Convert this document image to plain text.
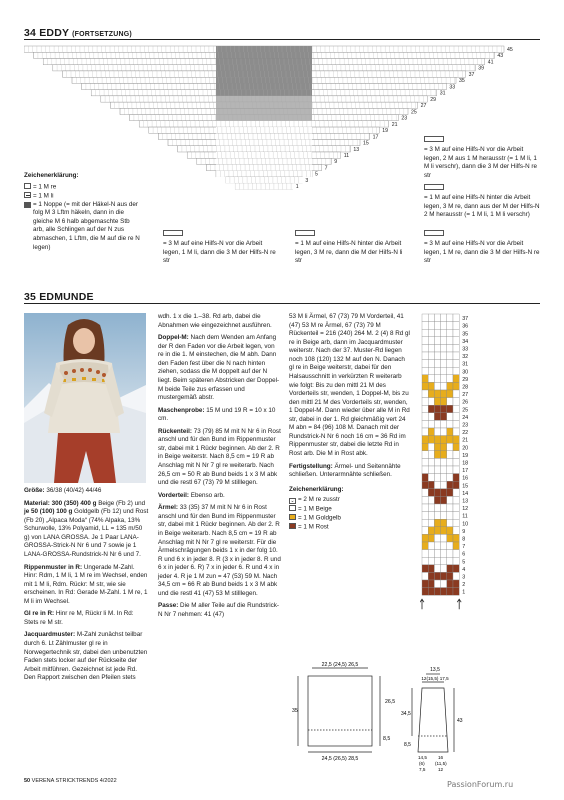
34 EDDY (FORTSETZUNG)
45
43
41
39
37
35
33
31
29
27
25
23
21
19
17
15
13
11
9
7
5
3
1
Zeichenerklärung:
= 1 M re
= 1 M li
= 1 Noppe (= mit der Häkel-N aus der folg M 3 Lftm häkeln, dann in die gleiche M 6 halb abgemaschte Stb arb, alle Schlingen auf der N zus abmaschen, 1 Lftm, die M auf die re N legen)	= 3 M auf eine Hilfs-N vor die Arbeit legen, 1 M li, dann die 3 M der Hilfs-N re str
= 1 M auf eine Hilfs-N hinter die Arbeit legen, 3 M re, dann die M der Hilfs-N li str
= 3 M auf eine Hilfs-N vor die Arbeit legen, 2 M aus 1 M herausstr (= 1 M li, 1 M li verschr), dann die 3 M der Hilfs-N re str
= 1 M auf eine Hilfs-N hinter die Arbeit legen, 3 M re, dann aus der M der Hilfs-N 2 M herausstr (= 1 M li, 1 M li verschr)
= 3 M auf eine Hilfs-N vor die Arbeit legen, 1 M re, dann die 3 M der Hilfs-N re str
35 EDMUNDE

Größe: 36/38 (40/42) 44/46

Material: 300 (350) 400 g Beige (Fb 2) und je 50 (100) 100 g Goldgelb (Fb 12) und Rost (Fb 20) „Alpaca Moda“ (74% Alpaka, 13% Schurwolle, 13% Polyamid, LL = 135 m/50 g) von LANA GROSSA. Je 1 Paar LANA-GROSSA-Strick-N Nr 6 und 7 sowie je 1 LANA-GROSSA-Rundstrick-N Nr 6 und 7.

Rippenmuster in R: Ungerade M-Zahl. Hinr: Rdm, 1 M li, 1 M re im Wechsel, enden mit 1 M li, Rdm. Rückr: M str, wie sie erscheinen. In Rd: Gerade M-Zahl. 1 M re, 1 M li im Wechsel.

Gl re in R: Hinr re M, Rückr li M. In Rd: Stets re M str.

Jacquardmuster: M-Zahl zunächst teilbar durch 6. Lt Zählmuster gl re in Norwegertechnik str, dabei den unbenutzten Faden stets locker auf der Rückseite der Arbeit mitführen. Gezeichnet ist jede Rd. Den Rapport zwischen den Pfeilen stets

wdh. 1 x die 1.–38. Rd arb, dabei die Abnahmen wie eingezeichnet ausführen.

Doppel-M: Nach dem Wenden am Anfang der R den Faden vor die Arbeit legen, von re in die 1. M einstechen, die M abh. Dann den Faden fest über die N nach hinten ziehen, sodass die M doppelt auf der N liegt. Beim späteren Abstricken der Doppel-M beide Teile zus erfassen und mustergemäß abstr.

Maschenprobe: 15 M und 19 R = 10 x 10 cm.

Rückenteil: 73 (79) 85 M mit N Nr 6 in Rost anschl und für den Bund im Rippenmuster str, dabei mit 1 Rückr beginnen. Ab der 2. R in Beige weiterstr. Nach 8,5 cm = 19 R ab Anschlag mit N Nr 7 gl re weiterarb. Nach 26,5 cm = 50 R ab Bund beids 1 x 3 M abk und die restl 67 (73) 79 M stilllegen.

Vorderteil: Ebenso arb.

Ärmel: 33 (35) 37 M mit N Nr 6 in Rost anschl und für den Bund im Rippenmuster str, dabei mit 1 Rückr beginnen. Ab der 2. R in Beige weiterarb. Nach 8,5 cm = 19 R ab Anschlag mit N Nr 7 gl re weiterstr. Für die Ärmelschrägungen beids 1 x in der folg 10. R und 6 x in jeder 8. R (3 x in jeder 8. R und 6 x in jeder 6. R) 7 x in jeder 6. R und 4 x in jeder 4. R je 1 M zun = 47 (53) 59 M. Nach 34,5 cm = 66 R ab Bund beids 1 x 3 M abk und die restl 41 (47) 53 M stilllegen.

Passe: Die M aller Teile auf die Rundstrick-N Nr 7 nehmen: 41 (47)

53 M li Ärmel, 67 (73) 79 M Vorderteil, 41 (47) 53 M re Ärmel, 67 (73) 79 M Rückenteil = 216 (240) 264 M. 2 (4) 8 Rd gl re in Beige arb, dann im Jacquardmuster weiterstr. Nach der 37. Muster-Rd liegen noch 108 (120) 132 M auf den N. Danach gl re in Beige weiterstr, dabei für den Halsausschnitt in verkürzten R weiterarb wie folgt: Bis zu den mittl 21 M des Vorderteils str, wenden, 1 Doppel-M, bis zu den mittl 21 M des Vorderteils str, wenden, 1 Doppel-M. Dann wieder über alle M in Rd str, dabei in der 1. Rd gleichmäßig vert 24 M abn = 84 (96) 108 M. Danach mit der Rundstrick-N Nr 6 noch 16 cm = 36 Rd im Rippenmuster str, dabei die letzte Rd in Rost arb. Die M in Rost abk.

Fertigstellung: Ärmel- und Seitennähte schließen. Unterarmnähte schließen.

Zeichenerklärung:
⌄ = 2 M re zusstr
= 1 M Beige
= 1 M Goldgelb
= 1 M Rost
37
36
35
34
33
32
31
30
29
28
27
26
25
24
23
22
21
20
19
18
17
16
15
14
13
12
11
10
9
8
7
6
5
4
3
2
1
22,5 (24,5) 26,5
26,5
35
8,5
24,5 (26,5) 28,5
13,5
12(15,5) 17,5
34,5
43
8,5
14,5
(6)
7,5
16
(11,5)
12
50 VERENA STRICKTRENDS 4/2022	PassionForum.ru
